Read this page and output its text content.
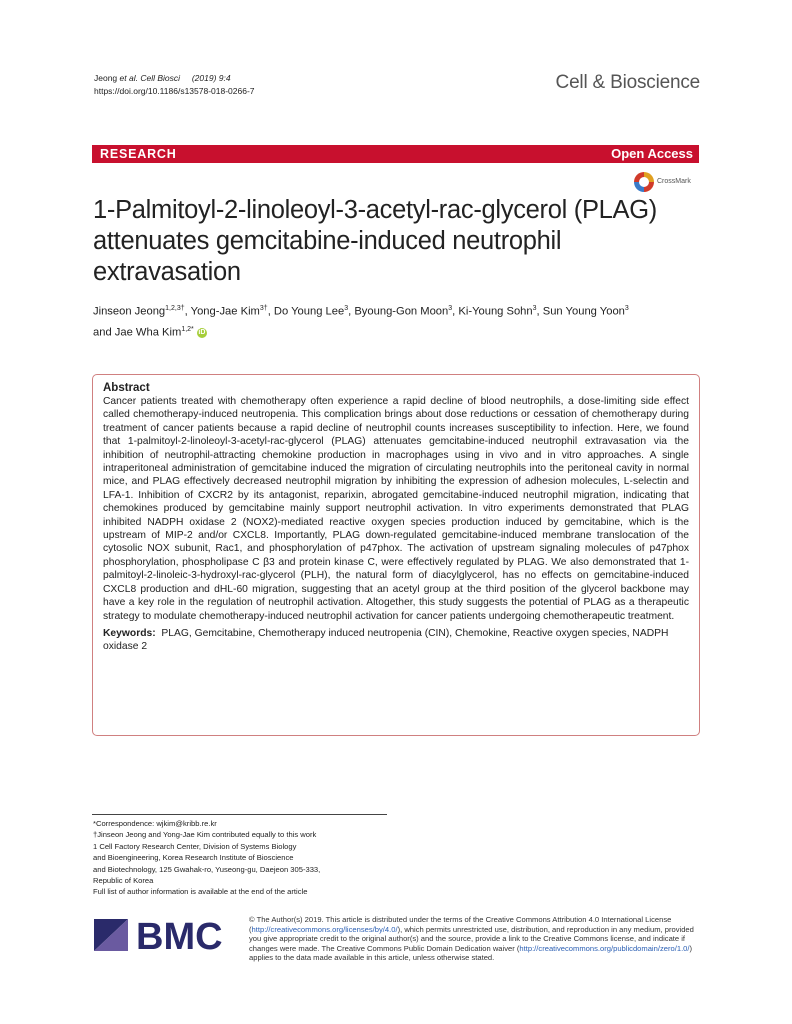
Jeong et al. Cell Biosci (2019) 9:4
https://doi.org/10.1186/s13578-018-0266-7	Cell & Bioscience
RESEARCH	Open Access
CrossMark
1-Palmitoyl-2-linoleoyl-3-acetyl-rac-glycerol (PLAG) attenuates gemcitabine-induced neutrophil extravasation
Jinseon Jeong$^{1,2,3\dagger}$, Yong-Jae Kim$^{3\dagger}$, Do Young Lee$^3$, Byoung-Gon Moon$^3$, Ki-Young Sohn$^3$, Sun Young Yoon$^3$
and Jae Wha Kim$^{1,2*}$ iD
Abstract

Cancer patients treated with chemotherapy often experience a rapid decline of blood neutrophils, a dose-limiting side effect called chemotherapy-induced neutropenia. This complication brings about dose reductions or cessation of chemotherapy during treatment of cancer patients because a rapid decline of neutrophil counts increases susceptibility to infection. Here, we found that 1-palmitoyl-2-linoleoyl-3-acetyl-rac-glycerol (PLAG) attenuates gemcitabine-induced neutrophil extravasation via the inhibition of neutrophil-attracting chemokine production in macrophages using in vivo and in vitro approaches. A single intraperitoneal administration of gemcitabine induced the migration of circulating neutrophils into the peritoneal cavity in normal mice, and PLAG effectively decreased neutrophil migration by inhibiting the expression of adhesion molecules, L-selectin and LFA-1. Inhibition of CXCR2 by its antagonist, reparixin, abrogated gemcitabine-induced neutrophil migration, indicating that chemokines produced by gemcitabine mainly support neutrophil activation. In vitro experiments demonstrated that PLAG inhibited NADPH oxidase 2 (NOX2)-mediated reactive oxygen species production induced by gemcitabine, which is the upstream of MIP-2 and/or CXCL8. Importantly, PLAG down-regulated gemcitabine-induced membrane translocation of the cytosolic NOX subunit, Rac1, and phosphorylation of p47phox. The activation of upstream signaling molecules of p47phox phosphorylation, phospholipase C β3 and protein kinase C, were effectively regulated by PLAG. We also demonstrated that 1-palmitoyl-2-linoleic-3-hydroxyl-rac-glycerol (PLH), the natural form of diacylglycerol, has no effects on gemcitabine-induced CXCL8 production and dHL-60 migration, suggesting that an acetyl group at the third position of the glycerol backbone may have a key role in the regulation of neutrophil activation. Altogether, this study suggests the potential of PLAG as a therapeutic strategy to modulate chemotherapy-induced neutrophil activation for cancer patients undergoing chemotherapeutic treatment.

Keywords: PLAG, Gemcitabine, Chemotherapy induced neutropenia (CIN), Chemokine, Reactive oxygen species, NADPH oxidase 2
*Correspondence: wjkim@kribb.re.kr
†Jinseon Jeong and Yong-Jae Kim contributed equally to this work
1 Cell Factory Research Center, Division of Systems Biology
and Bioengineering, Korea Research Institute of Bioscience
and Biotechnology, 125 Gwahak-ro, Yuseong-gu, Daejeon 305-333,
Republic of Korea
Full list of author information is available at the end of the article
BMC	© The Author(s) 2019. This article is distributed under the terms of the Creative Commons Attribution 4.0 International License (http://creativecommons.org/licenses/by/4.0/), which permits unrestricted use, distribution, and reproduction in any medium, provided you give appropriate credit to the original author(s) and the source, provide a link to the Creative Commons license, and indicate if changes were made. The Creative Commons Public Domain Dedication waiver (http://creativecommons.org/publicdomain/zero/1.0/) applies to the data made available in this article, unless otherwise stated.
